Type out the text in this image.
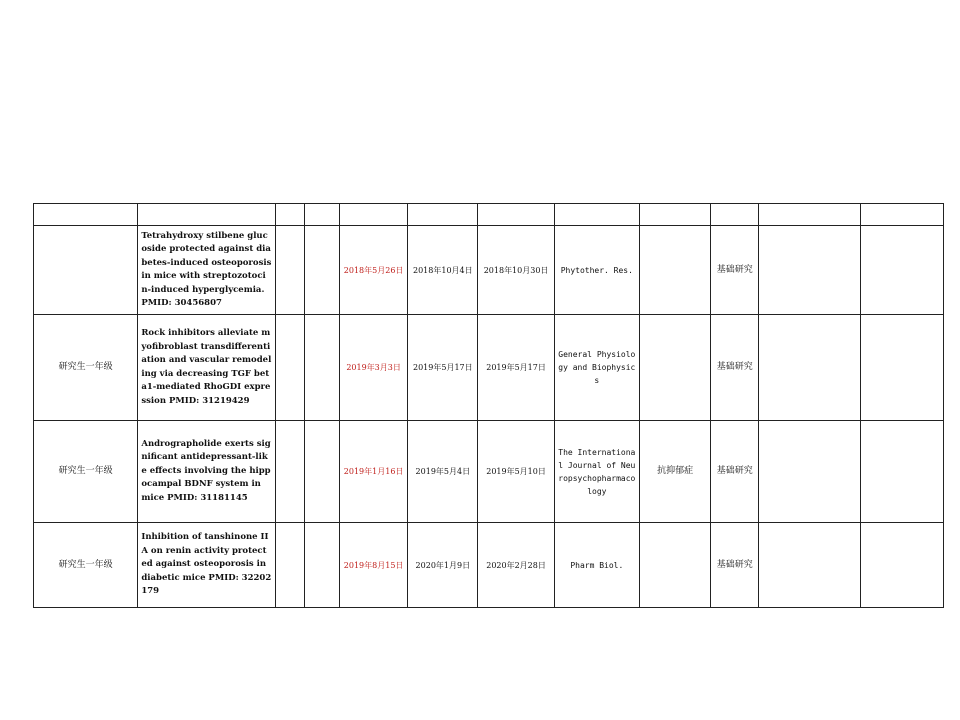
	Tetrahydroxy stilbene glucoside protected against diabetes-induced osteoporosis in mice with streptozotocin-induced hyperglycemia. PMID: 30456807			2018年5月26日	2018年10月4日	2018年10月30日	Phytother. Res.		基础研究		
研究生一年级	Rock inhibitors alleviate myofibroblast transdifferentiation and vascular remodeling via decreasing TGF beta1-mediated RhoGDI expression PMID: 31219429			2019年3月3日	2019年5月17日	2019年5月17日	General Physiology and Biophysics		基础研究		
研究生一年级	Andrographolide exerts significant antidepressant-like effects involving the hippocampal BDNF system in mice PMID: 31181145			2019年1月16日	2019年5月4日	2019年5月10日	The International Journal of Neuropsychopharmacology	抗抑郁症	基础研究		
研究生一年级	Inhibition of tanshinone IIA on renin activity protected against osteoporosis in diabetic mice PMID: 32202179			2019年8月15日	2020年1月9日	2020年2月28日	Pharm Biol.		基础研究		
